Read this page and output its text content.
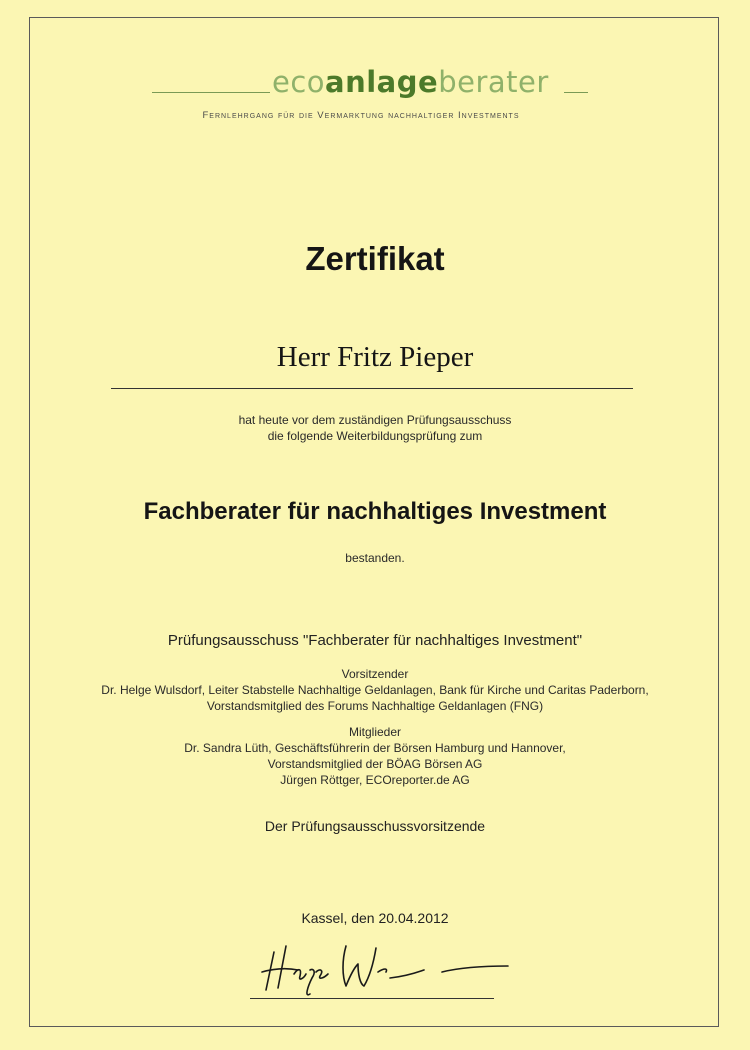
ecoanlageberater
Fernlehrgang für die Vermarktung nachhaltiger Investments
Zertifikat
Herr Fritz Pieper
hat heute vor dem zuständigen Prüfungsausschuss
die folgende Weiterbildungsprüfung zum
Fachberater für nachhaltiges Investment
bestanden.
Prüfungsausschuss "Fachberater für nachhaltiges Investment"
Vorsitzender
Dr. Helge Wulsdorf, Leiter Stabstelle Nachhaltige Geldanlagen, Bank für Kirche und Caritas Paderborn,
Vorstandsmitglied des Forums Nachhaltige Geldanlagen (FNG)
Mitglieder
Dr. Sandra Lüth, Geschäftsführerin der Börsen Hamburg und Hannover,
Vorstandsmitglied der BÖAG Börsen AG
Jürgen Röttger, ECOreporter.de AG
Der Prüfungsausschussvorsitzende
Kassel, den 20.04.2012
